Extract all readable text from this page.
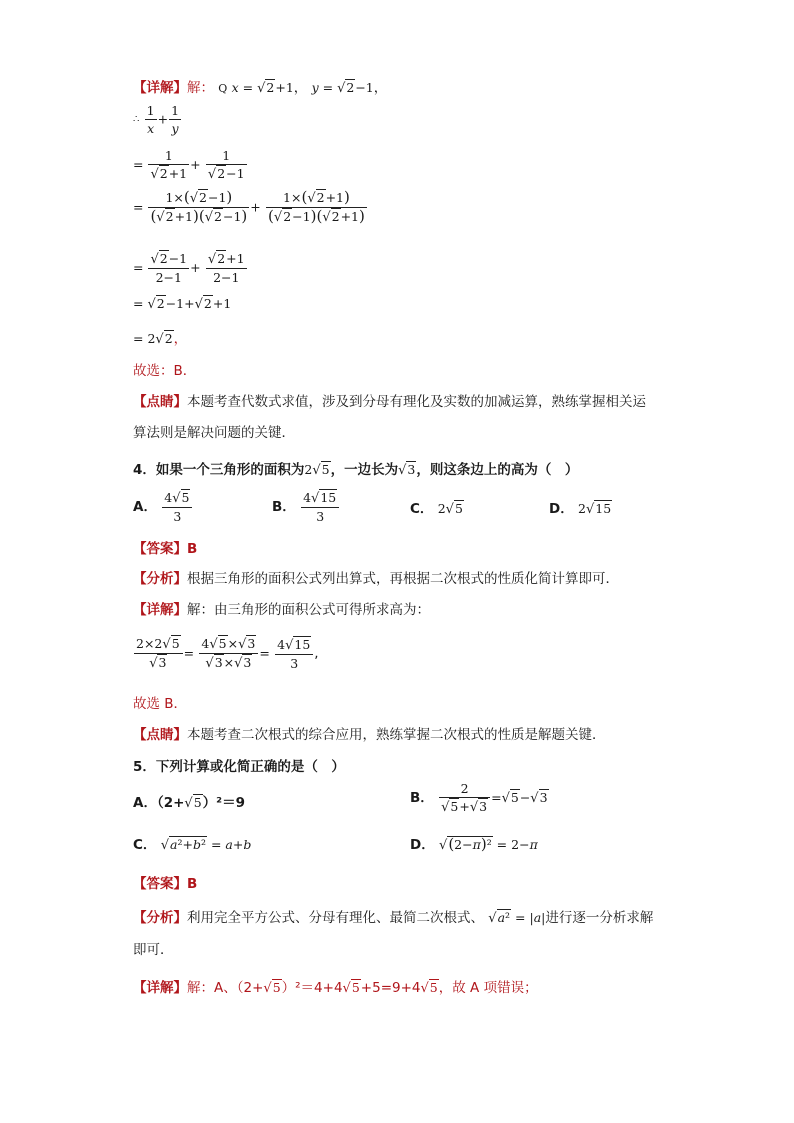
【详解】解： Q x = √2+1， y = √2−1，
∴ $\frac{1}{x} + \frac{1}{y}$
= $\frac{1}{√2+1} + \frac{1}{√2-1}$
= $\frac{1\times(√2-1)}{(√2+1)(√2-1)} + \frac{1\times(√2+1)}{(√2-1)(√2+1)}$
= $\frac{√2-1}{2-1} + \frac{√2+1}{2-1}$
= √2−1+√2+1
= 2√2，
故选：B．
【点睛】本题考查代数式求值，涉及到分母有理化及实数的加减运算，熟练掌握相关运
算法则是解决问题的关键．
4．如果一个三角形的面积为2√5，一边长为√3，则这条边上的高为（　）
A． $\frac{4√5}{3}$	B． $\frac{4√15}{3}$	C． 2√5	D． 2√15
【答案】B
【分析】根据三角形的面积公式列出算式，再根据二次根式的性质化简计算即可．
【详解】解：由三角形的面积公式可得所求高为：
$\frac{2\times 2√5}{√3} = \frac{4√5\times√3}{√3\times√3} = \frac{4√15}{3}$ ,
故选 B．
【点睛】本题考查二次根式的综合应用，熟练掌握二次根式的性质是解题关键．
5．下列计算或化简正确的是（　）
A．（2+√5）²＝9	B． $\frac{2}{√5+√3} =√5-√3$
C． √a²+b² = a+b	D． √(2−π)² = 2−π
【答案】B
【分析】利用完全平方公式、分母有理化、最简二次根式、 √a² = |a|进行逐一分析求解
即可．
【详解】解：A、（2+√5）²＝4+4√5+5=9+4√5，故 A 项错误；
